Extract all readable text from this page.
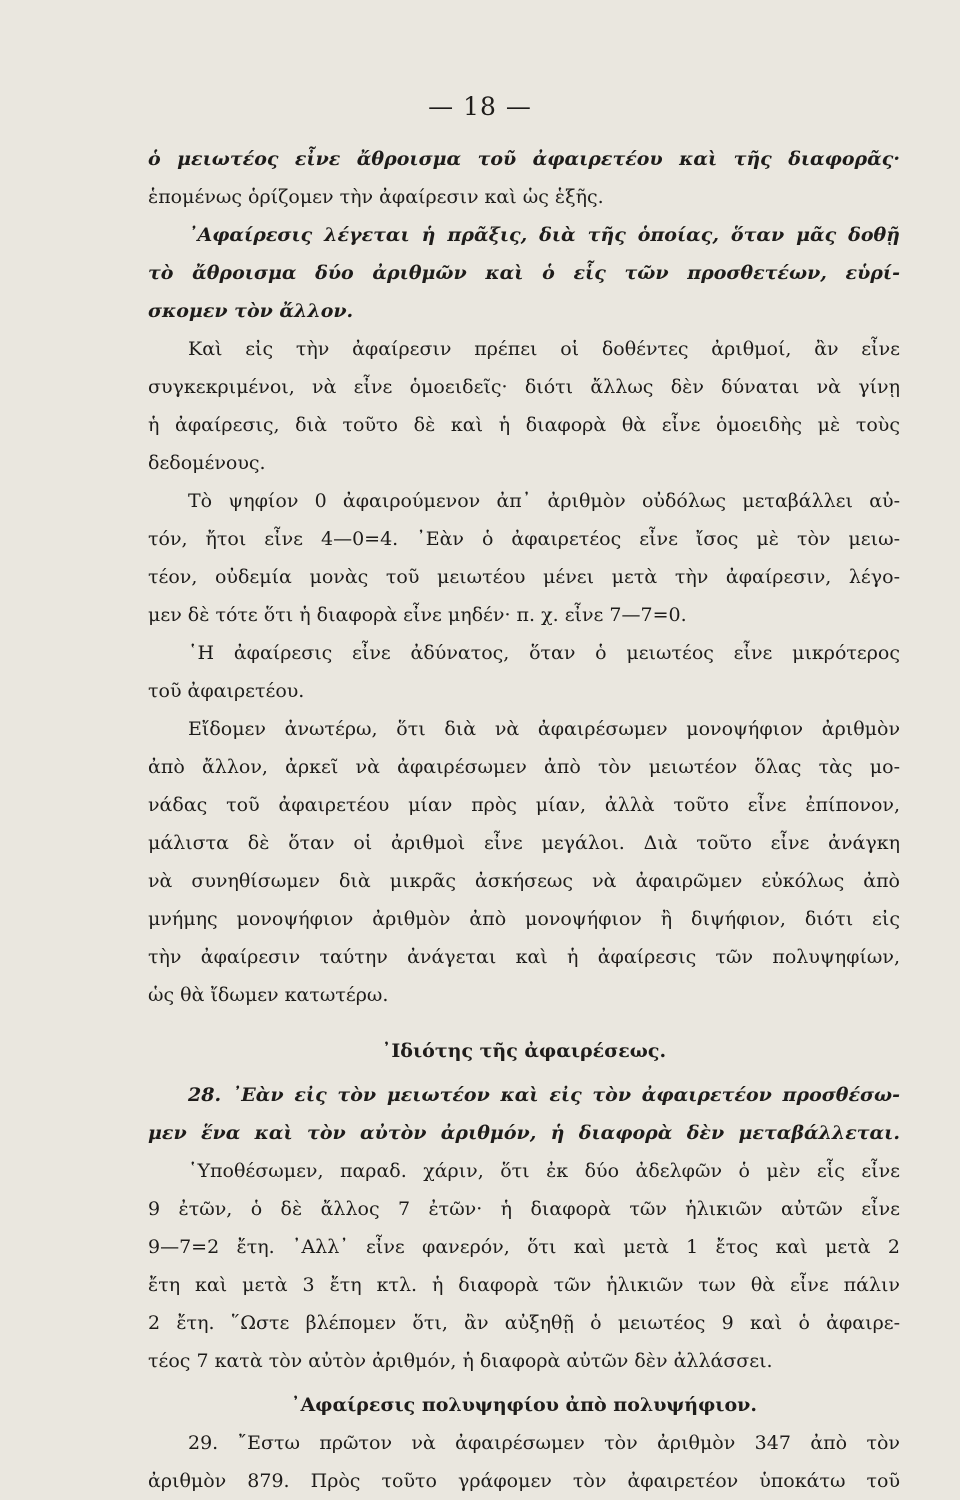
— 18 —
ὁ μειωτέος εἶνε ἄθροισμα τοῦ ἀφαιρετέου καὶ τῆς διαφορᾶς·
ἑπομένως ὁρίζομεν τὴν ἀφαίρεσιν καὶ ὡς ἑξῆς.
᾿Αφαίρεσις λέγεται ἡ πρᾶξις, διὰ τῆς ὁποίας, ὅταν μᾶς δοθῇ
τὸ ἄθροισμα δύο ἀριθμῶν καὶ ὁ εἷς τῶν προσθετέων, εὑρί-
σκομεν τὸν ἄλλον.
Καὶ εἰς τὴν ἀφαίρεσιν πρέπει οἱ δοθέντες ἀριθμοί, ἂν εἶνε
συγκεκριμένοι, νὰ εἶνε ὁμοειδεῖς· διότι ἄλλως δὲν δύναται νὰ γίνῃ
ἡ ἀφαίρεσις, διὰ τοῦτο δὲ καὶ ἡ διαφορὰ θὰ εἶνε ὁμοειδὴς μὲ τοὺς
δεδομένους.
Τὸ ψηφίον 0 ἀφαιρούμενον ἀπ᾿ ἀριθμὸν οὐδόλως μεταβάλλει αὐ-
τόν, ἤτοι εἶνε 4—0=4. ᾿Εὰν ὁ ἀφαιρετέος εἶνε ἴσος μὲ τὸν μειω-
τέον, οὐδεμία μονὰς τοῦ μειωτέου μένει μετὰ τὴν ἀφαίρεσιν, λέγο-
μεν δὲ τότε ὅτι ἡ διαφορὰ εἶνε μηδέν· π. χ. εἶνε 7—7=0.
῾Η ἀφαίρεσις εἶνε ἀδύνατος, ὅταν ὁ μειωτέος εἶνε μικρότερος
τοῦ ἀφαιρετέου.
Εἴδομεν ἀνωτέρω, ὅτι διὰ νὰ ἀφαιρέσωμεν μονοψήφιον ἀριθμὸν
ἀπὸ ἄλλον, ἀρκεῖ νὰ ἀφαιρέσωμεν ἀπὸ τὸν μειωτέον ὅλας τὰς μο-
νάδας τοῦ ἀφαιρετέου μίαν πρὸς μίαν, ἀλλὰ τοῦτο εἶνε ἐπίπονον,
μάλιστα δὲ ὅταν οἱ ἀριθμοὶ εἶνε μεγάλοι. Διὰ τοῦτο εἶνε ἀνάγκη
νὰ συνηθίσωμεν διὰ μικρᾶς ἀσκήσεως νὰ ἀφαιρῶμεν εὐκόλως ἀπὸ
μνήμης μονοψήφιον ἀριθμὸν ἀπὸ μονοψήφιον ἢ διψήφιον, διότι εἰς
τὴν ἀφαίρεσιν ταύτην ἀνάγεται καὶ ἡ ἀφαίρεσις τῶν πολυψηφίων,
ὡς θὰ ἴδωμεν κατωτέρω.
᾿Ιδιότης τῆς ἀφαιρέσεως.
28. ᾿Εὰν εἰς τὸν μειωτέον καὶ εἰς τὸν ἀφαιρετέον προσθέσω-
μεν ἕνα καὶ τὸν αὐτὸν ἀριθμόν, ἡ διαφορὰ δὲν μεταβάλλεται.
῾Υποθέσωμεν, παραδ. χάριν, ὅτι ἐκ δύο ἀδελφῶν ὁ μὲν εἷς εἶνε
9 ἐτῶν, ὁ δὲ ἄλλος 7 ἐτῶν· ἡ διαφορὰ τῶν ἡλικιῶν αὐτῶν εἶνε
9—7=2 ἔτη. ᾿Αλλ᾿ εἶνε φανερόν, ὅτι καὶ μετὰ 1 ἔτος καὶ μετὰ 2
ἔτη καὶ μετὰ 3 ἔτη κτλ. ἡ διαφορὰ τῶν ἡλικιῶν των θὰ εἶνε πάλιν
2 ἔτη. ῞Ωστε βλέπομεν ὅτι, ἂν αὐξηθῇ ὁ μειωτέος 9 καὶ ὁ ἀφαιρε-
τέος 7 κατὰ τὸν αὐτὸν ἀριθμόν, ἡ διαφορὰ αὐτῶν δὲν ἀλλάσσει.
᾿Αφαίρεσις πολυψηφίου ἀπὸ πολυψήφιον.
29. ῎Εστω πρῶτον νὰ ἀφαιρέσωμεν τὸν ἀριθμὸν 347 ἀπὸ τὸν
ἀριθμὸν 879. Πρὸς τοῦτο γράφομεν τὸν ἀφαιρετέον ὑποκάτω τοῦ
